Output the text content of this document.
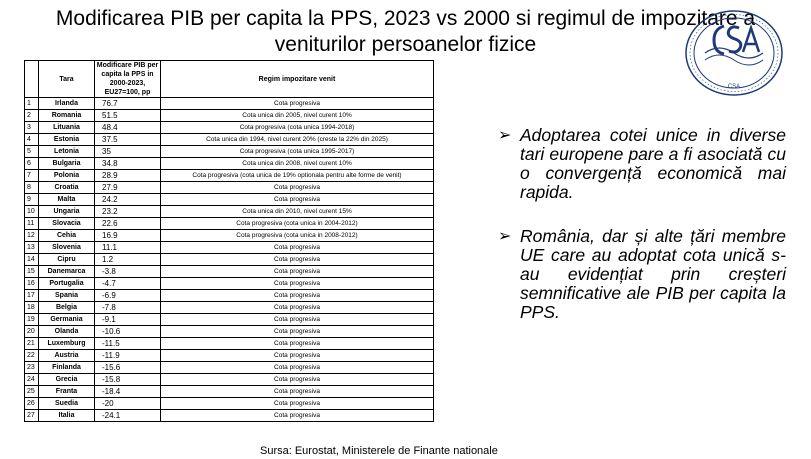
Modificarea PIB per capita la PPS, 2023 vs 2000 si regimul de impozitare a
veniturilor persoanelor fizice
CSA
	Tara	Modificare PIB per capita la PPS in 2000-2023, EU27=100, pp	Regim impozitare venit
1	Irlanda	76.7	Cota progresiva
2	Romania	51.5	Cota unica din 2005, nivel curent 10%
3	Lituania	48.4	Cota progresiva (cota unica 1994-2018)
4	Estonia	37.5	Cota unica din 1994, nivel curent 20% (creste la 22% din 2025)
5	Letonia	35	Cota progresiva (cota unica 1995-2017)
6	Bulgaria	34.8	Cota unica din 2008, nivel curent 10%
7	Polonia	28.9	Cota progresiva (cota unica de 19% optionala pentru alte forme de venit)
8	Croatia	27.9	Cota progresiva
9	Malta	24.2	Cota progresiva
10	Ungaria	23.2	Cota unica din 2010, nivel curent 15%
11	Slovacia	22.6	Cota progresiva (cota unica in 2004-2012)
12	Cehia	16.9	Cota progresiva (cota unica in 2008-2012)
13	Slovenia	11.1	Cota progresiva
14	Cipru	1.2	Cota progresiva
15	Danemarca	-3.8	Cota progresiva
16	Portugalia	-4.7	Cota progresiva
17	Spania	-6.9	Cota progresiva
18	Belgia	-7.8	Cota progresiva
19	Germania	-9.1	Cota progresiva
20	Olanda	-10.6	Cota progresiva
21	Luxemburg	-11.5	Cota progresiva
22	Austria	-11.9	Cota progresiva
23	Finlanda	-15.6	Cota progresiva
24	Grecia	-15.8	Cota progresiva
25	Franta	-18.4	Cota progresiva
26	Suedia	-20	Cota progresiva
27	Italia	-24.1	Cota progresiva
➢ Adoptarea cotei unice in diverse tari europene pare a fi asociată cu o convergență economică mai rapida.
➢ România, dar și alte țări membre UE care au adoptat cota unică s-au evidențiat prin creșteri semnificative ale PIB per capita la PPS.
Sursa: Eurostat, Ministerele de Finante nationale
